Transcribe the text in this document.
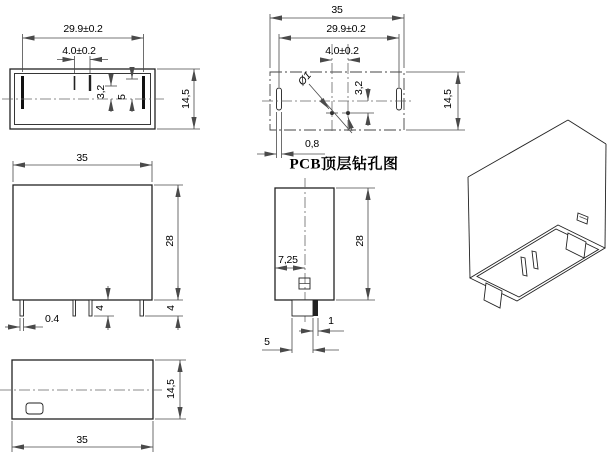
29.9±0.2
4.0±0.2
3,2 5	14,5
35
29.9±0.2
4.0±0.2
Ø1
3,2
0,8
14,5
PCB顶层钻孔图
35
28
4	4
0.4
7,25
28
1
5
14,5
35
